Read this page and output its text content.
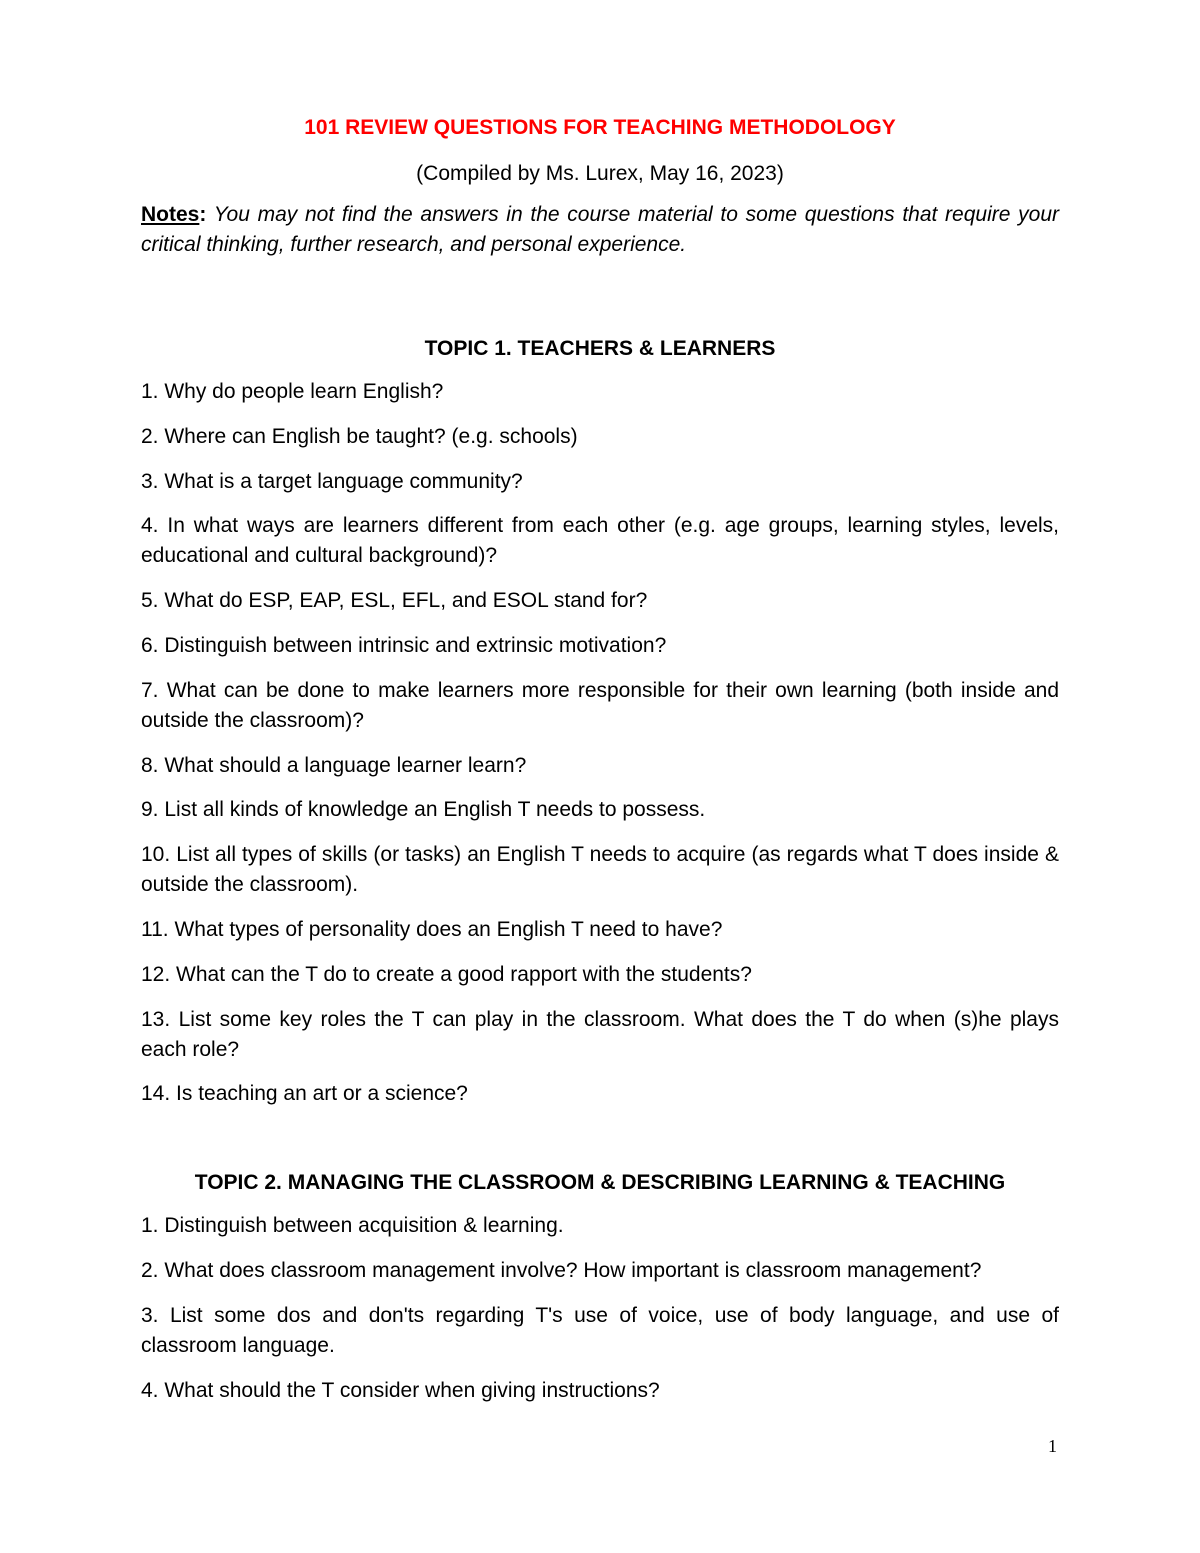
101 REVIEW QUESTIONS FOR TEACHING METHODOLOGY

(Compiled by Ms. Lurex, May 16, 2023)

Notes: You may not find the answers in the course material to some questions that require your critical thinking, further research, and personal experience.

TOPIC 1. TEACHERS & LEARNERS

1. Why do people learn English?

2. Where can English be taught? (e.g. schools)

3. What is a target language community?

4. In what ways are learners different from each other (e.g. age groups, learning styles, levels, educational and cultural background)?

5. What do ESP, EAP, ESL, EFL, and ESOL stand for?

6. Distinguish between intrinsic and extrinsic motivation?

7. What can be done to make learners more responsible for their own learning (both inside and outside the classroom)?

8. What should a language learner learn?

9. List all kinds of knowledge an English T needs to possess.

10. List all types of skills (or tasks) an English T needs to acquire (as regards what T does inside & outside the classroom).

11. What types of personality does an English T need to have?

12. What can the T do to create a good rapport with the students?

13. List some key roles the T can play in the classroom. What does the T do when (s)he plays each role?

14. Is teaching an art or a science?

TOPIC 2. MANAGING THE CLASSROOM & DESCRIBING LEARNING & TEACHING

1. Distinguish between acquisition & learning.

2. What does classroom management involve? How important is classroom management?

3. List some dos and don'ts regarding T's use of voice, use of body language, and use of classroom language.

4. What should the T consider when giving instructions?

1
